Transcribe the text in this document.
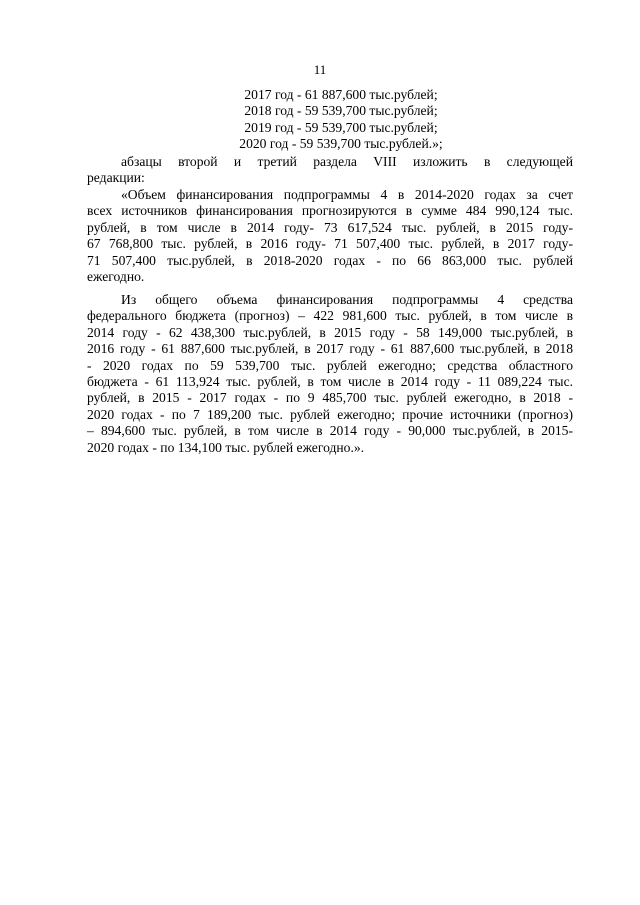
11
2017 год - 61 887,600 тыс.рублей;
2018 год - 59 539,700 тыс.рублей;
2019 год - 59 539,700 тыс.рублей;
2020 год - 59 539,700 тыс.рублей.»;
абзацы второй и третий раздела VIII изложить в следующей
редакции:
«Объем финансирования подпрограммы 4 в 2014-2020 годах за счет
всех источников финансирования прогнозируются в сумме 484 990,124 тыс.
рублей, в том числе в 2014 году- 73 617,524 тыс. рублей, в 2015 году-
67 768,800 тыс. рублей, в 2016 году- 71 507,400 тыс. рублей, в 2017 году-
71 507,400 тыс.рублей, в 2018-2020 годах - по 66 863,000 тыс. рублей
ежегодно.
Из общего объема финансирования подпрограммы 4 средства
федерального бюджета (прогноз) – 422 981,600 тыс. рублей, в том числе в
2014 году - 62 438,300 тыс.рублей, в 2015 году - 58 149,000 тыс.рублей, в
2016 году - 61 887,600 тыс.рублей, в 2017 году - 61 887,600 тыс.рублей, в 2018
- 2020 годах по 59 539,700 тыс. рублей ежегодно; средства областного
бюджета - 61 113,924 тыс. рублей, в том числе в 2014 году - 11 089,224 тыс.
рублей, в 2015 - 2017 годах - по 9 485,700 тыс. рублей ежегодно, в 2018 -
2020 годах - по 7 189,200 тыс. рублей ежегодно; прочие источники (прогноз)
– 894,600 тыс. рублей, в том числе в 2014 году - 90,000 тыс.рублей, в 2015-
2020 годах - по 134,100 тыс. рублей ежегодно.».
